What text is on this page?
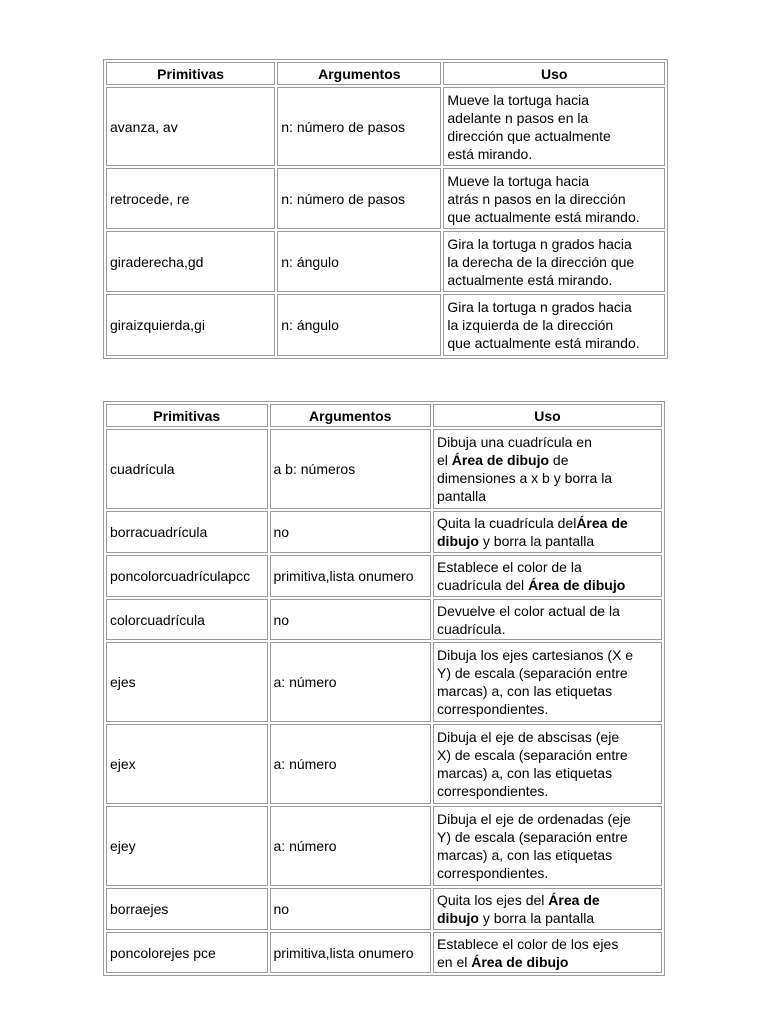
Primitivas	Argumentos	Uso
avanza, av	n: número de pasos	Mueve la tortuga hacia
adelante n pasos en la
dirección que actualmente
está mirando.

retrocede, re	n: número de pasos	Mueve la tortuga hacia
atrás n pasos en la dirección
que actualmente está mirando.

giraderecha,gd	n: ángulo	Gira la tortuga n grados hacia
la derecha de la dirección que
actualmente está mirando.

giraizquierda,gi	n: ángulo	Gira la tortuga n grados hacia
la izquierda de la dirección
que actualmente está mirando.
Primitivas	Argumentos	Uso
cuadrícula	a b: números	Dibuja una cuadrícula en
el Área de dibujo de
dimensiones a x b y borra la
pantalla

borracuadrícula	no	Quita la cuadrícula delÁrea de
dibujo y borra la pantalla

poncolorcuadrículapcc	primitiva,lista onumero	Establece el color de la
cuadrícula del Área de dibujo

colorcuadrícula	no	Devuelve el color actual de la
cuadrícula.

ejes	a: número	Dibuja los ejes cartesianos (X e
Y) de escala (separación entre
marcas) a, con las etiquetas
correspondientes.

ejex	a: número	Dibuja el eje de abscisas (eje
X) de escala (separación entre
marcas) a, con las etiquetas
correspondientes.

ejey	a: número	Dibuja el eje de ordenadas (eje
Y) de escala (separación entre
marcas) a, con las etiquetas
correspondientes.

borraejes	no	Quita los ejes del Área de
dibujo y borra la pantalla

poncolorejes pce	primitiva,lista onumero	Establece el color de los ejes
en el Área de dibujo
